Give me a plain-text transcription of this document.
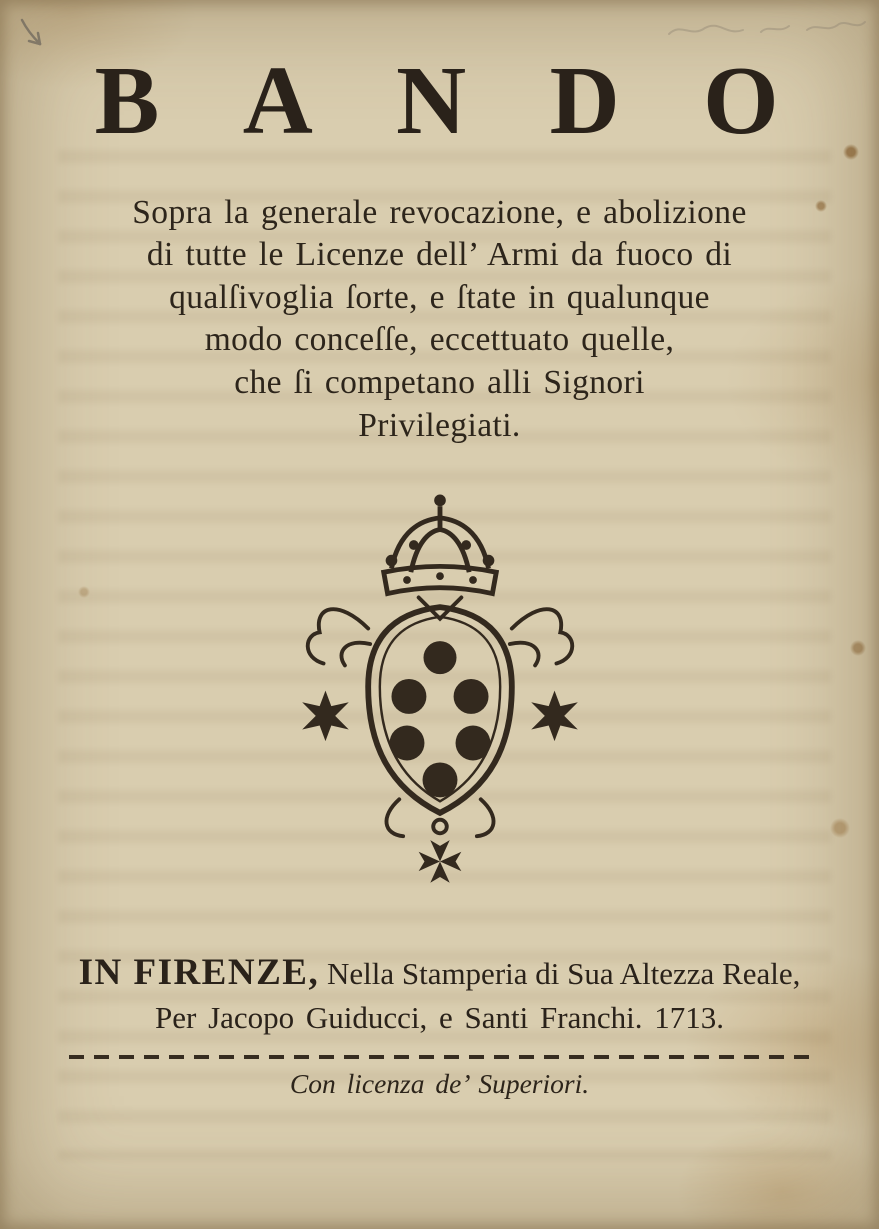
BANDO
Sopra la generale revocazione, e abolizione
di tutte le Licenze dell’ Armi da fuoco di
qualſivoglia ſorte, e ſtate in qualunque
modo conceſſe, eccettuato quelle,
che ſi competano alli Signori
Privilegiati.
IN FIRENZE, Nella Stamperia di Sua Altezza Reale,
Per Jacopo Guiducci, e Santi Franchi. 1713.
Con licenza de’ Superiori.
